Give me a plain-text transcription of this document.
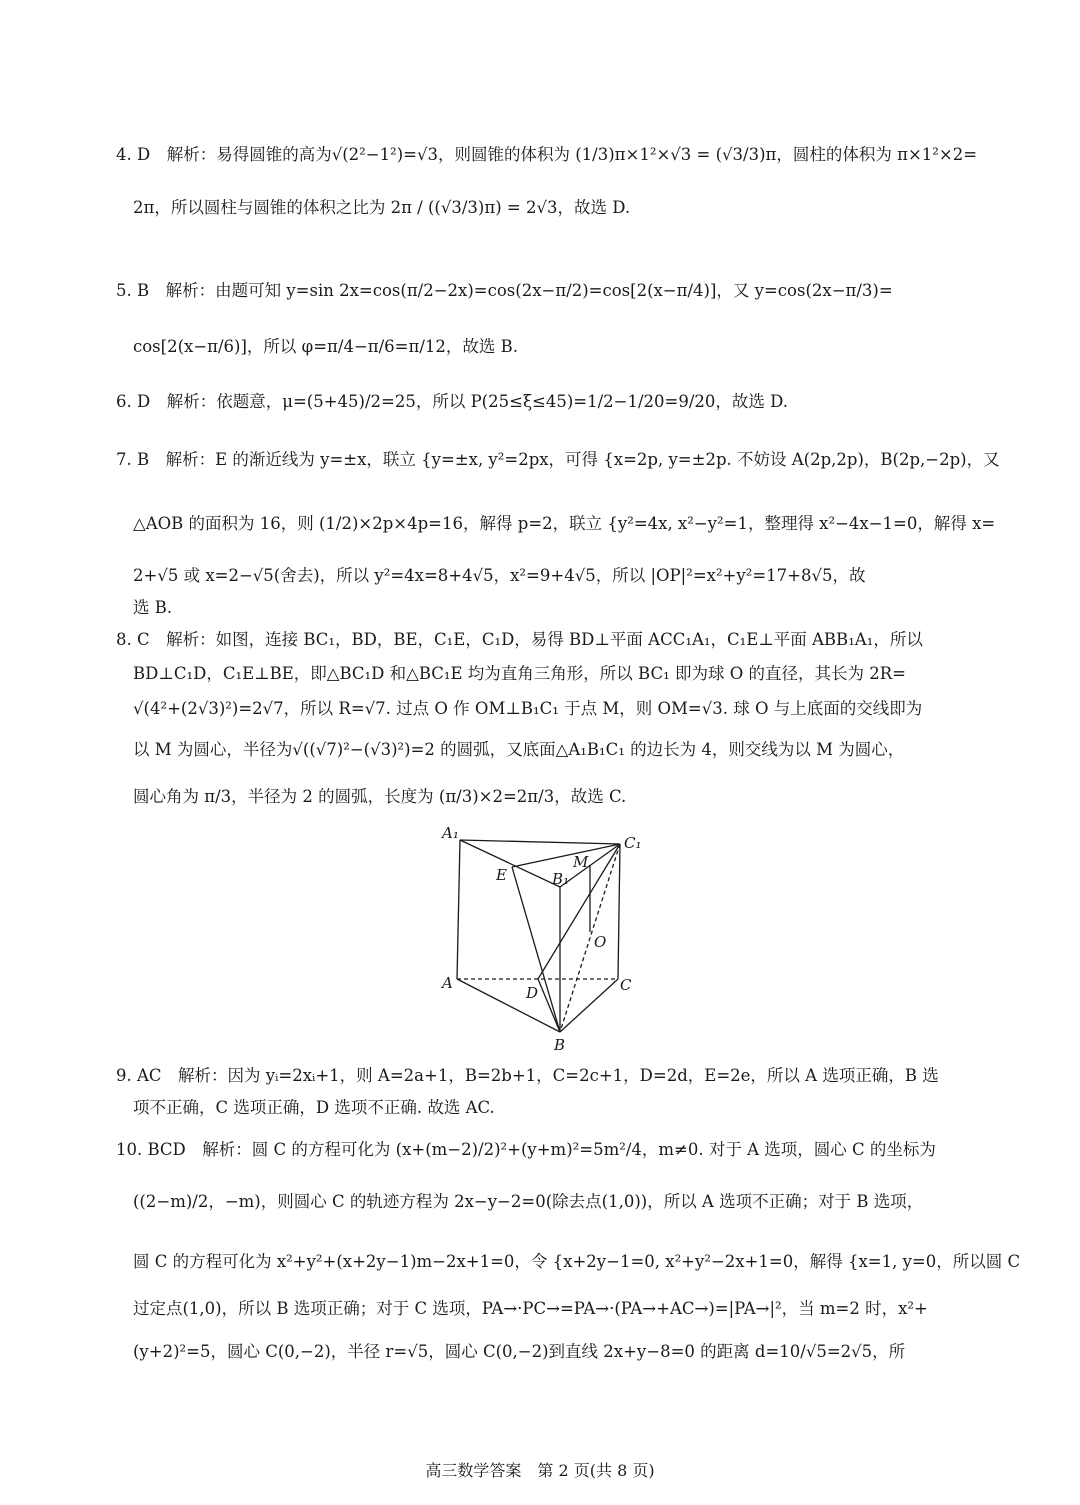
4. D　解析：易得圆锥的高为√(2²−1²)=√3，则圆锥的体积为 (1/3)π×1²×√3 = (√3/3)π，圆柱的体积为 π×1²×2=
2π，所以圆柱与圆锥的体积之比为 2π / ((√3/3)π) = 2√3，故选 D.
5. B　解析：由题可知 y=sin 2x=cos(π/2−2x)=cos(2x−π/2)=cos[2(x−π/4)]，又 y=cos(2x−π/3)=
cos[2(x−π/6)]，所以 φ=π/4−π/6=π/12，故选 B.
6. D　解析：依题意，μ=(5+45)/2=25，所以 P(25≤ξ≤45)=1/2−1/20=9/20，故选 D.
7. B　解析：E 的渐近线为 y=±x，联立 {y=±x, y²=2px，可得 {x=2p, y=±2p. 不妨设 A(2p,2p)，B(2p,−2p)，又
△AOB 的面积为 16，则 (1/2)×2p×4p=16，解得 p=2，联立 {y²=4x, x²−y²=1，整理得 x²−4x−1=0，解得 x=
2+√5 或 x=2−√5(舍去)，所以 y²=4x=8+4√5，x²=9+4√5，所以 |OP|²=x²+y²=17+8√5，故
选 B.
8. C　解析：如图，连接 BC₁，BD，BE，C₁E，C₁D，易得 BD⊥平面 ACC₁A₁，C₁E⊥平面 ABB₁A₁，所以
BD⊥C₁D，C₁E⊥BE，即△BC₁D 和△BC₁E 均为直角三角形，所以 BC₁ 即为球 O 的直径，其长为 2R=
√(4²+(2√3)²)=2√7，所以 R=√7. 过点 O 作 OM⊥B₁C₁ 于点 M，则 OM=√3. 球 O 与上底面的交线即为
以 M 为圆心，半径为√((√7)²−(√3)²)=2 的圆弧，又底面△A₁B₁C₁ 的边长为 4，则交线为以 M 为圆心，
圆心角为 π/3，半径为 2 的圆弧，长度为 (π/3)×2=2π/3，故选 C.
A₁
C₁
E	B₁
M
O
A
D	C
B
9. AC　解析：因为 yᵢ=2xᵢ+1，则 A=2a+1，B=2b+1，C=2c+1，D=2d，E=2e，所以 A 选项正确，B 选
项不正确，C 选项正确，D 选项不正确. 故选 AC.
10. BCD　解析：圆 C 的方程可化为 (x+(m−2)/2)²+(y+m)²=5m²/4，m≠0. 对于 A 选项，圆心 C 的坐标为
((2−m)/2，−m)，则圆心 C 的轨迹方程为 2x−y−2=0(除去点(1,0))，所以 A 选项不正确；对于 B 选项，
圆 C 的方程可化为 x²+y²+(x+2y−1)m−2x+1=0，令 {x+2y−1=0, x²+y²−2x+1=0，解得 {x=1, y=0，所以圆 C
过定点(1,0)，所以 B 选项正确；对于 C 选项，PA→·PC→=PA→·(PA→+AC→)=|PA→|²，当 m=2 时，x²+
(y+2)²=5，圆心 C(0,−2)，半径 r=√5，圆心 C(0,−2)到直线 2x+y−8=0 的距离 d=10/√5=2√5，所
高三数学答案　第 2 页(共 8 页)
